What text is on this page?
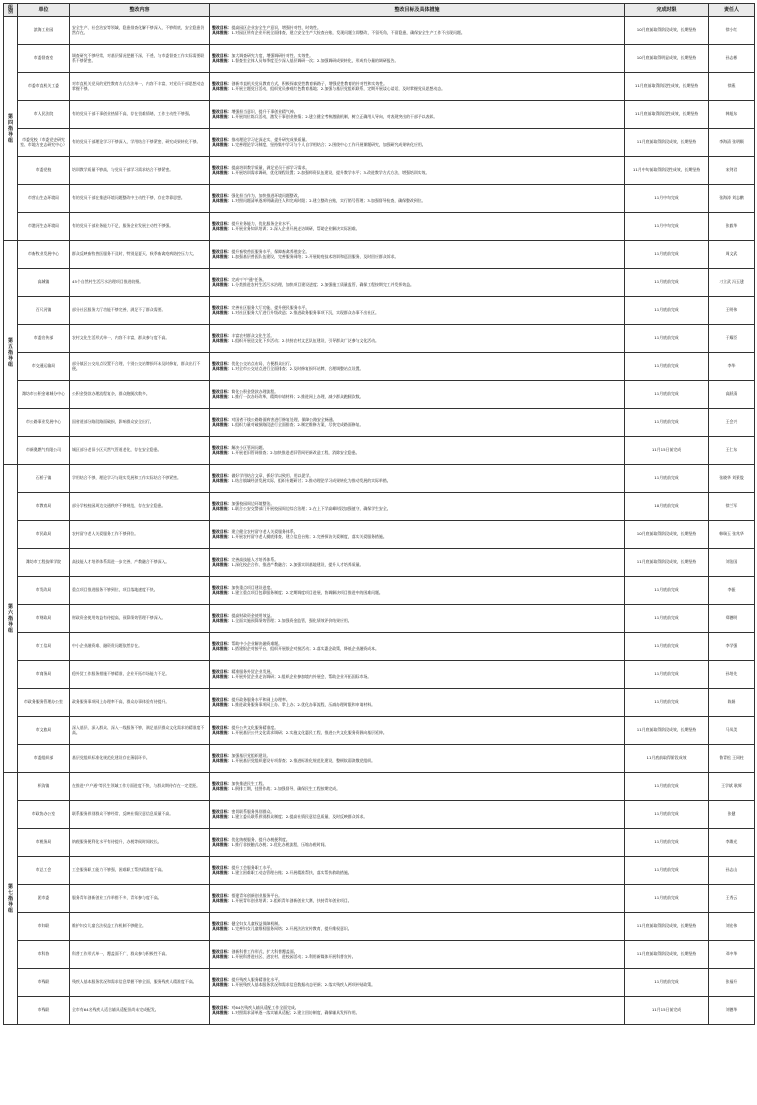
组别	单位	整改内容	整改目标及具体措施	完成时限	责任人
第四指导组	滨海工业园	安全生产、社会治安等领域，隐患排查化解不够深入，不够彻底，安全隐患仍然存在。	整改目标：提高园区企业安全生产意识，增强针对性、时效性。
具体措施：1.对园区所有企业开展全面排查，建立安全生产大检查台账，发现问题立即整改，不留死角，不留隐患，确保安全生产工作不出现问题。	10月底前取得阶段成效，长期坚持	徐小红
	市委督查室	调查研究不够经常，对基层情况把握不深，不透，与市委督查工作实际需要联系不够紧密。	整改目标：加大调查研究力度，增强调研针对性、实效性。
具体措施：1.督查室全体人员每季度至少深入基层调研一次；2.加强调研成果转化，形成有分量的调研报告。	10月底前取得明显成效，长期坚持	孙志彬
	市委市直机关工委	对市直机关党员的党性教育方式方法单一，内容不丰富，对党员干部思想动态掌握不够。	整改目标：创新市直机关党员教育方式，积极探索党性教育新路子，增强党性教育的针对性和实效性。
具体措施：1.开展主题党日活动，组织党员参观红色教育基地；2.加强与基层党组织联系，定期开展谈心谈话，及时掌握党员思想动态。	11月底前取得阶段性成效，长期坚持	徐燕
	市人民法院	有的党员干部干事创业热情不高，存在畏难情绪，工作主动性不够强。	整改目标：增强担当意识，提升干事创业精气神。
具体措施：1.开展岗位练兵活动，激发干事创业热情；2.建立健全考核激励机制，树立正确用人导向，对表现突出的干部予以表彰。	11月底前取得阶段性成效，长期坚持	韩旭东
	市委党校（市委党史研究室、市地方史志研究中心）	有的党员干部理论学习不够深入，学用结合不够紧密，研究成果转化不够。	整改目标：推动理论学习走深走实，提升研究成果质量。
具体措施：1.完善理论学习制度，坚持集中学习与个人自学相结合；2.围绕中心工作开展课题研究，加强研究成果转化应用。	11月底前取得阶段成效，长期坚持	李海清 张明顺
	市委党校	培训教学质量不够高，与党员干部学习需求结合不够紧密。	整改目标：提高培训教学质量，满足党员干部学习需求。
具体措施：1.开展培训需求调研，优化课程设置；2.加强师资队伍建设，提升教学水平；3.改进教学方式方法，增强培训实效。	11月中旬前取得阶段性成效，长期坚持	宋剑君
	市营山生态环境局	有的党员干部在推进环境问题整改中主动性不够，存在等靠思想。	整改目标：强化担当作为，加快推进环境问题整改。
具体措施：1.对照问题清单逐项明确责任人和完成时限；2.建立整改台账，实行销号管理；3.加强督导检查，确保整改到位。	11月中旬完成	张海涛 刘志鹏
	市港河生态环境局	有的党员干部业务能力不足，服务企业发展主动性不够强。	整改目标：提升业务能力，优化服务企业水平。
具体措施：1.开展业务知识培训；2.深入企业开展走访调研，帮助企业解决实际困难。	11月中旬完成	张毅华
第五指导组	市畜牧业发展中心	群众反映畜牧兽医服务不及时，特别是夏天、秋季畜禽疫病防控压力大。	整改目标：提升畜牧兽医服务水平，保障畜禽养殖安全。
具体措施：1.加强基层兽医队伍建设，完善服务网络；2.开展防疫技术培训和巡回服务，及时回应群众诉求。	11月底前完成	周文武
	高城镇	45个自然村生活污水治理项目推进较慢。	整改目标：完成"户户通"任务。
具体措施：1.分类推进农村生活污水治理，加快项目建设进度；2.加强施工质量监管，确保工程按期完工并发挥效益。	11月底前完成	刁立武 冯玉建
	百尺河镇	部分社区服务大厅功能不够完善，满足不了群众需要。	整改目标：完善社区服务大厅功能，提升便民服务水平。
具体措施：1.对社区服务大厅进行升级改造；2.推进政务服务事项下沉，实现群众办事不出社区。	11月底前完成	王明伟
	市委宣传部	农村文化生活形式单一，内容不丰富，群众参与度不高。	整改目标：丰富农村群众文化生活。
具体措施：1.组织开展送文化下乡活动；2.扶持农村文艺队伍建设，引导群众广泛参与文化活动。	11月底前完成	于耀臣
	市交通运输局	部分镇区公交站点设置不合理，个别公交站牌损坏未及时修复，群众出行不便。	整改目标：优化公交站点布局，方便群众出行。
具体措施：1.对全市公交站点进行全面排查；2.及时修复损坏站牌，合理调整站点设置。	11月底前完成	李华
	潍坊市公积金诸城分中心	公积金贷款办理流程复杂，群众跑腿次数多。	整改目标：简化公积金贷款办理流程。
具体措施：1.推行一次办好改革，精简申请材料；2.推进网上办理，减少群众跑腿次数。	11月底前完成	高跃清
	市公路事业发展中心	国省道部分路段路面破损，影响群众安全出行。	整改目标：对国省干线公路路面病害进行修复处理，保障公路安全畅通。
具体措施：1.组织力量对破损路段进行全面排查；2.制定维修方案，尽快完成路面修复。	11月底前完成	王会兴
	市新奥燃气有限公司	城区部分老旧小区天然气管道老化，存在安全隐患。	整改目标：解决小区管网问题。
具体措施：1.开展老旧管网排查；2.加快推进老旧管网更新改造工程，消除安全隐患。	11月15日前完成	王仁东
第六指导组	石桥子镇	学用结合不够，理论学习与现实发展和工作实际结合不够紧密。	整改目标：做好学用结合文章，抓好学以致用、用以促学。
具体措施：1.结合镇域经济发展实际，组织专题研讨；2.推动理论学习成果转化为推动发展的实际举措。	11月底前完成	张晓华 刘景俊
	市教育局	部分学校校园周边交通秩序不够规范，存在安全隐患。	整改目标：加强校园周边环境整治。
具体措施：1.联合公安交警部门开展校园周边综合治理；2.在上下学高峰时段加强值守，确保学生安全。	10月底前完成	徐兰军
	市民政局	农村留守老人关爱服务工作不够到位。	整改目标：建立健全农村留守老人关爱服务体系。
具体措施：1.开展农村留守老人摸底排查，建立信息台账；2.完善探访关爱制度，落实关爱服务措施。	10月底前取得阶段成效，长期坚持	韩瑞玉 张兆华
	潍坊市工程技师学院	高技能人才培养体系需进一步完善，产教融合不够深入。	整改目标：完善高技能人才培养体系。
具体措施：1.深化校企合作，推进产教融合；2.加强实训基地建设，提升人才培养质量。	11月底前取得阶段成效，长期坚持	刘治国
	市发改局	重点项目推进服务不够到位，项目落地速度不快。	整改目标：加快重点项目建设进度。
具体措施：1.建立重点项目包靠服务制度；2.定期调度项目进展，协调解决项目推进中的困难问题。	11月底前完成	李振
	市财政局	财政资金使用效益有待提高，预算绩效管理不够深入。	整改目标：提高财政资金使用效益。
具体措施：1.全面实施预算绩效管理；2.加强资金监管，强化绩效评价结果应用。	11月底前完成	郑德明
	市工信局	中小企业融资难、融资贵问题依然存在。	整改目标：帮助中小企业解决融资难题。
具体措施：1.搭建银企对接平台，组织开展银企对接活动；2.落实惠企政策，降低企业融资成本。	11月底前完成	李学强
	市商务局	稳外贸工作服务措施不够精准，企业开拓市场能力不足。	整改目标：精准服务外贸企业发展。
具体措施：1.开展外贸企业走访调研；2.组织企业参加境内外展会，帮助企业开拓国际市场。	11月底前完成	孙培先
	市政务服务管理办公室	政务服务事项网上办理率不高，群众办事体验有待提升。	整改目标：提升政务服务水平和网上办理率。
具体措施：1.推进政务服务事项网上办、掌上办；2.优化办事流程，压减办理时限和申请材料。	11月底前完成	陈娟
	市文旅局	深入基层、深入群众、深入一线服务不够，满足基层群众文化需求的精准度不高。	整改目标：提升公共文化服务精准度。
具体措施：1.开展基层公共文化需求调研；2.实施文化惠民工程，推进公共文化服务资源向基层延伸。	11月底前取得阶段成效，长期坚持	马凤美
	市委组织部	基层党组织标准化规范化建设存在薄弱环节。	整改目标：加强基层党组织建设。
具体措施：1.开展基层党组织建设专项督查；2.推进标准化规范化建设，整顿软弱涣散党组织。	11月底前取得阶段成效	鲁青松 王同柱
第七指导组	枳沟镇	在推进"户户通"等民生领域工作方面进度不快，与群众期待存在一定差距。	整改目标：加快推进民生工程。
具体措施：1.倒排工期，挂图作战；2.加强督导，确保民生工程按期完成。	11月底前完成	王学斌 耿辉
	市政协办公室	联系服务界别群众不够经常，反映社情民意信息质量不高。	整改目标：密切联系服务界别群众。
具体措施：1.建立委员联系界别群众制度；2.提高社情民意信息质量，及时反映群众诉求。	11月底前完成	张健
	市税务局	纳税服务便利化水平有待提升，办税等候时间较长。	整改目标：优化纳税服务，提升办税便利度。
具体措施：1.推行非接触式办税；2.优化办税流程，压缩办税时间。	11月底前完成	李潍光
	市总工会	工会服务职工能力不够强，困难职工帮扶精准度不高。	整改目标：提升工会服务职工水平。
具体措施：1.建立困难职工动态管理台账；2.开展精准帮扶，落实帮扶救助措施。	11月底前完成	孙志山
	团市委	服务青年创新创业工作举措不多，青年参与度不高。	整改目标：搭建青年创新创业服务平台。
具体措施：1.开展青年创业培训；2.组织青年创新创业大赛，扶持青年创业项目。	11月底前完成	王秀云
	市妇联	维护妇女儿童合法权益工作机制不够健全。	整改目标：健全妇女儿童权益保障机制。
具体措施：1.完善妇女儿童维权服务网络；2.开展法治宣传教育，提升维权意识。	11月底前取得阶段成效，长期坚持	刘宏伟
	市科协	科普工作形式单一，覆盖面不广，群众参与积极性不高。	整改目标：创新科普工作形式，扩大科普覆盖面。
具体措施：1.开展科普进社区、进农村、进校园活动；2.利用新媒体开展科普宣传。	11月底前取得阶段成效，长期坚持	邓中华
	市残联	残疾人基本服务状况和需求信息掌握不够全面，服务残疾人精准度不高。	整改目标：提升残疾人服务精准化水平。
具体措施：1.开展残疾人基本服务状况和需求信息数据动态更新；2.落实残疾人两项补贴政策。	11月底前完成	张福升
	市残联	全市有64名残疾人适合辅具适配但尚未完成配发。	整改目标：对64名残疾人辅具适配工作全面完成。
具体措施：1.对照需求清单逐一落实辅具适配；2.建立回访制度，确保辅具发挥作用。	11月15日前完成	刘德华
